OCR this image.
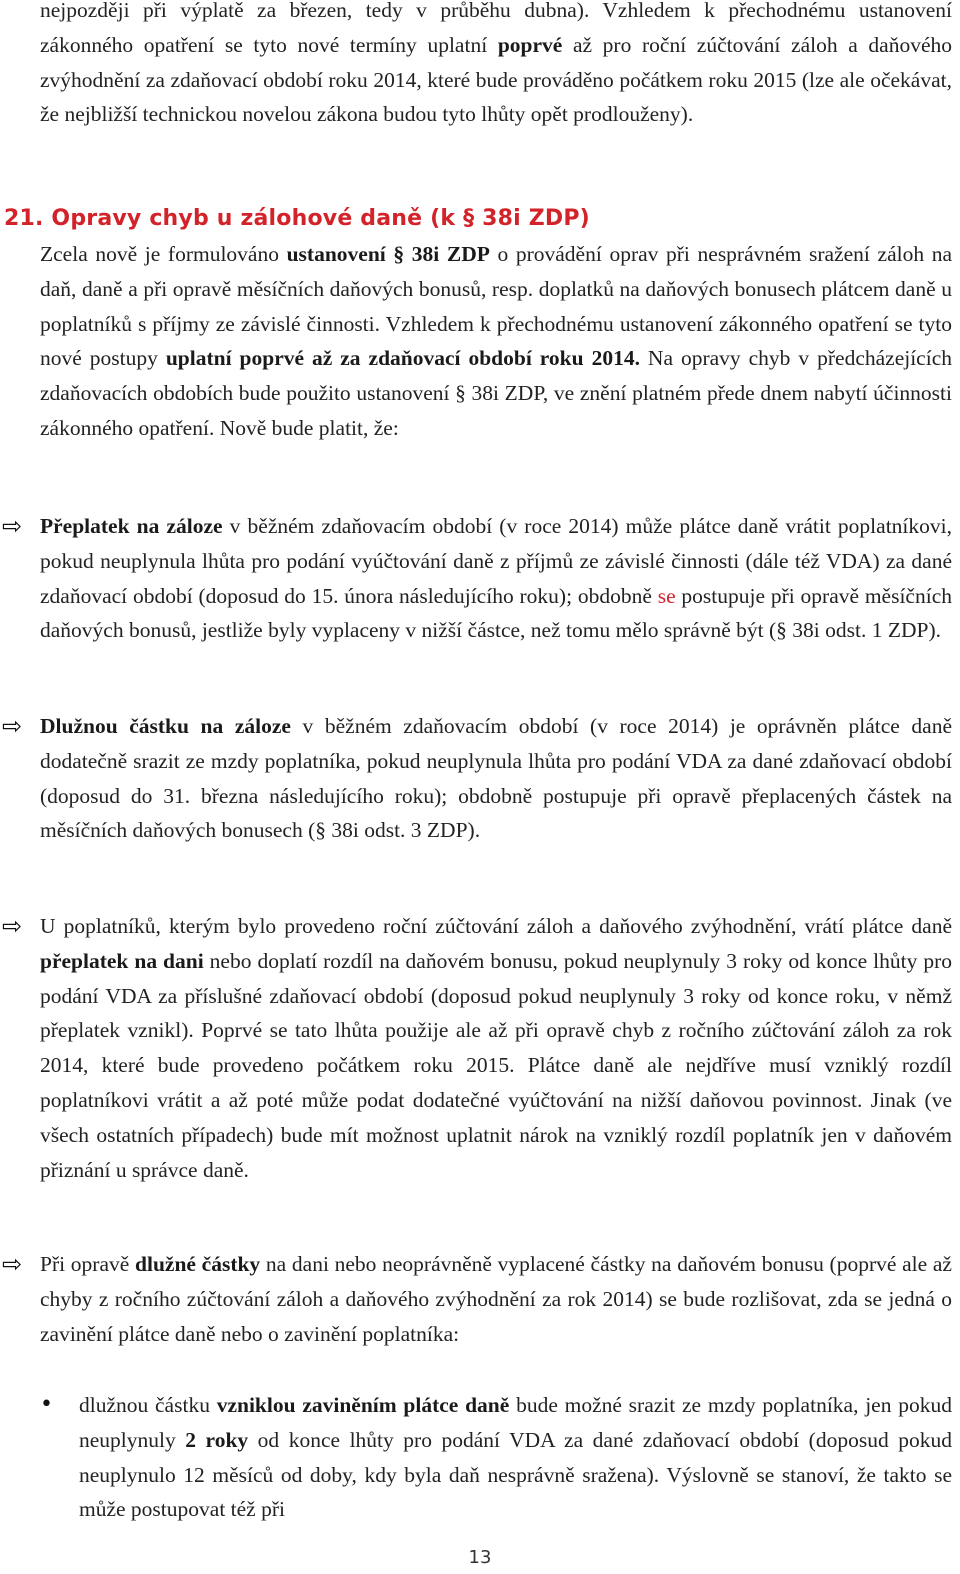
nejpozději při výplatě za březen, tedy v průběhu dubna). Vzhledem k přechodnému ustanovení zákonného opatření se tyto nové termíny uplatní poprvé až pro roční zúčtování záloh a daňového zvýhodnění za zdaňovací období roku 2014, které bude prováděno počátkem roku 2015 (lze ale očekávat, že nejbližší technickou novelou zákona budou tyto lhůty opět prodlouženy).

21. Opravy chyb u zálohové daně (k § 38i ZDP)

Zcela nově je formulováno ustanovení § 38i ZDP o provádění oprav při nesprávném sražení záloh na daň, daně a při opravě měsíčních daňových bonusů, resp. doplatků na daňových bonusech plátcem daně u poplatníků s příjmy ze závislé činnosti. Vzhledem k přechodnému ustanovení zákonného opatření se tyto nové postupy uplatní poprvé až za zdaňovací období roku 2014. Na opravy chyb v předcházejících zdaňovacích obdobích bude použito ustanovení § 38i ZDP, ve znění platném přede dnem nabytí účinnosti zákonného opatření. Nově bude platit, že:

⇨ Přeplatek na záloze v běžném zdaňovacím období (v roce 2014) může plátce daně vrátit poplatníkovi, pokud neuplynula lhůta pro podání vyúčtování daně z příjmů ze závislé činnosti (dále též VDA) za dané zdaňovací období (doposud do 15. února následujícího roku); obdobně se postupuje při opravě měsíčních daňových bonusů, jestliže byly vyplaceny v nižší částce, než tomu mělo správně být (§ 38i odst. 1 ZDP).

⇨ Dlužnou částku na záloze v běžném zdaňovacím období (v roce 2014) je oprávněn plátce daně dodatečně srazit ze mzdy poplatníka, pokud neuplynula lhůta pro podání VDA za dané zdaňovací období (doposud do 31. března následujícího roku); obdobně postupuje při opravě přeplacených částek na měsíčních daňových bonusech (§ 38i odst. 3 ZDP).

⇨ U poplatníků, kterým bylo provedeno roční zúčtování záloh a daňového zvýhodnění, vrátí plátce daně přeplatek na dani nebo doplatí rozdíl na daňovém bonusu, pokud neuplynuly 3 roky od konce lhůty pro podání VDA za příslušné zdaňovací období (doposud pokud neuplynuly 3 roky od konce roku, v němž přeplatek vznikl). Poprvé se tato lhůta použije ale až při opravě chyb z ročního zúčtování záloh za rok 2014, které bude provedeno počátkem roku 2015. Plátce daně ale nejdříve musí vzniklý rozdíl poplatníkovi vrátit a až poté může podat dodatečné vyúčtování na nižší daňovou povinnost. Jinak (ve všech ostatních případech) bude mít možnost uplatnit nárok na vzniklý rozdíl poplatník jen v daňovém přiznání u správce daně.

⇨ Při opravě dlužné částky na dani nebo neoprávněně vyplacené částky na daňovém bonusu (poprvé ale až chyby z ročního zúčtování záloh a daňového zvýhodnění za rok 2014) se bude rozlišovat, zda se jedná o zavinění plátce daně nebo o zavinění poplatníka:

•	dlužnou částku vzniklou zaviněním plátce daně bude možné srazit ze mzdy poplatníka, jen pokud neuplynuly 2 roky od konce lhůty pro podání VDA za dané zdaňovací období (doposud pokud neuplynulo 12 měsíců od doby, kdy byla daň nesprávně sražena). Výslovně se stanoví, že takto se může postupovat též při

13
